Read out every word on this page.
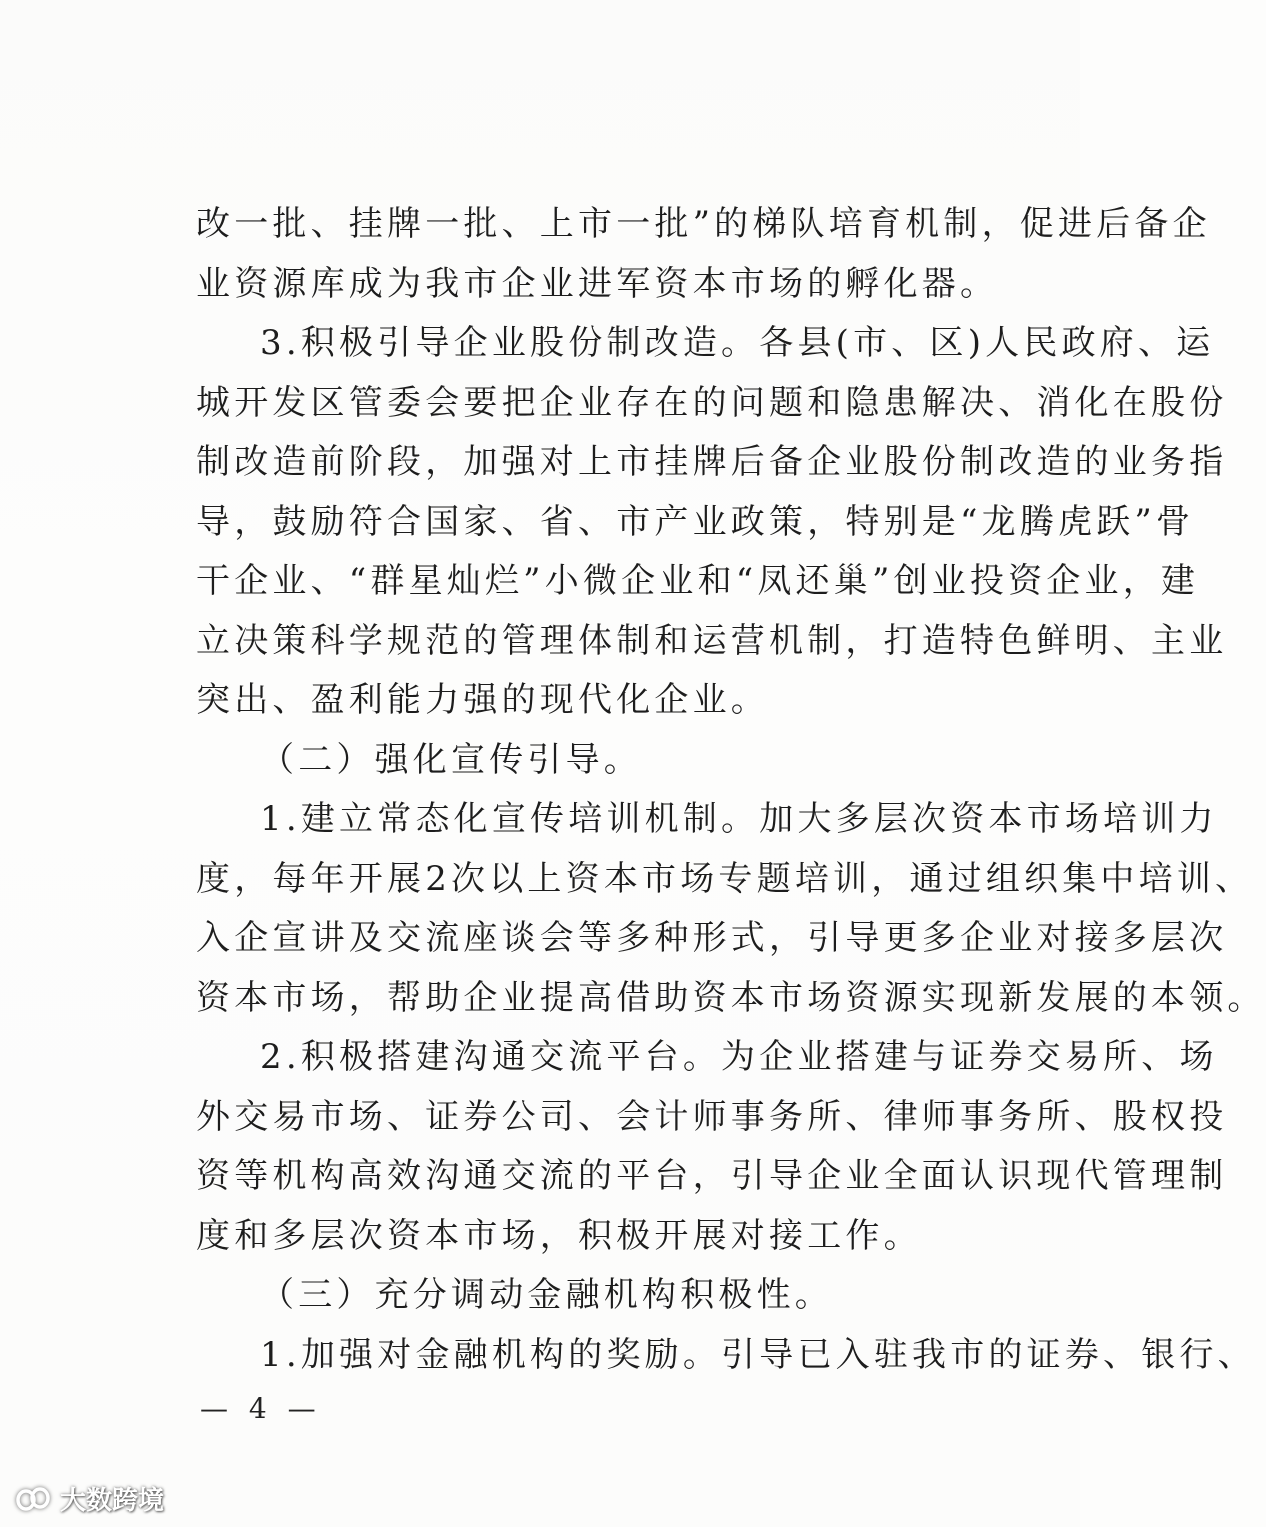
改一批、挂牌一批、上市一批”的梯队培育机制，促进后备企
业资源库成为我市企业进军资本市场的孵化器。
3.积极引导企业股份制改造。各县(市、区)人民政府、运
城开发区管委会要把企业存在的问题和隐患解决、消化在股份
制改造前阶段，加强对上市挂牌后备企业股份制改造的业务指
导，鼓励符合国家、省、市产业政策，特别是“龙腾虎跃”骨
干企业、“群星灿烂”小微企业和“凤还巢”创业投资企业，建
立决策科学规范的管理体制和运营机制，打造特色鲜明、主业
突出、盈利能力强的现代化企业。
（二）强化宣传引导。
1.建立常态化宣传培训机制。加大多层次资本市场培训力
度，每年开展2次以上资本市场专题培训，通过组织集中培训、
入企宣讲及交流座谈会等多种形式，引导更多企业对接多层次
资本市场，帮助企业提高借助资本市场资源实现新发展的本领。
2.积极搭建沟通交流平台。为企业搭建与证券交易所、场
外交易市场、证券公司、会计师事务所、律师事务所、股权投
资等机构高效沟通交流的平台，引导企业全面认识现代管理制
度和多层次资本市场，积极开展对接工作。
（三）充分调动金融机构积极性。
1.加强对金融机构的奖励。引导已入驻我市的证券、银行、
— 4 —
大数跨境
